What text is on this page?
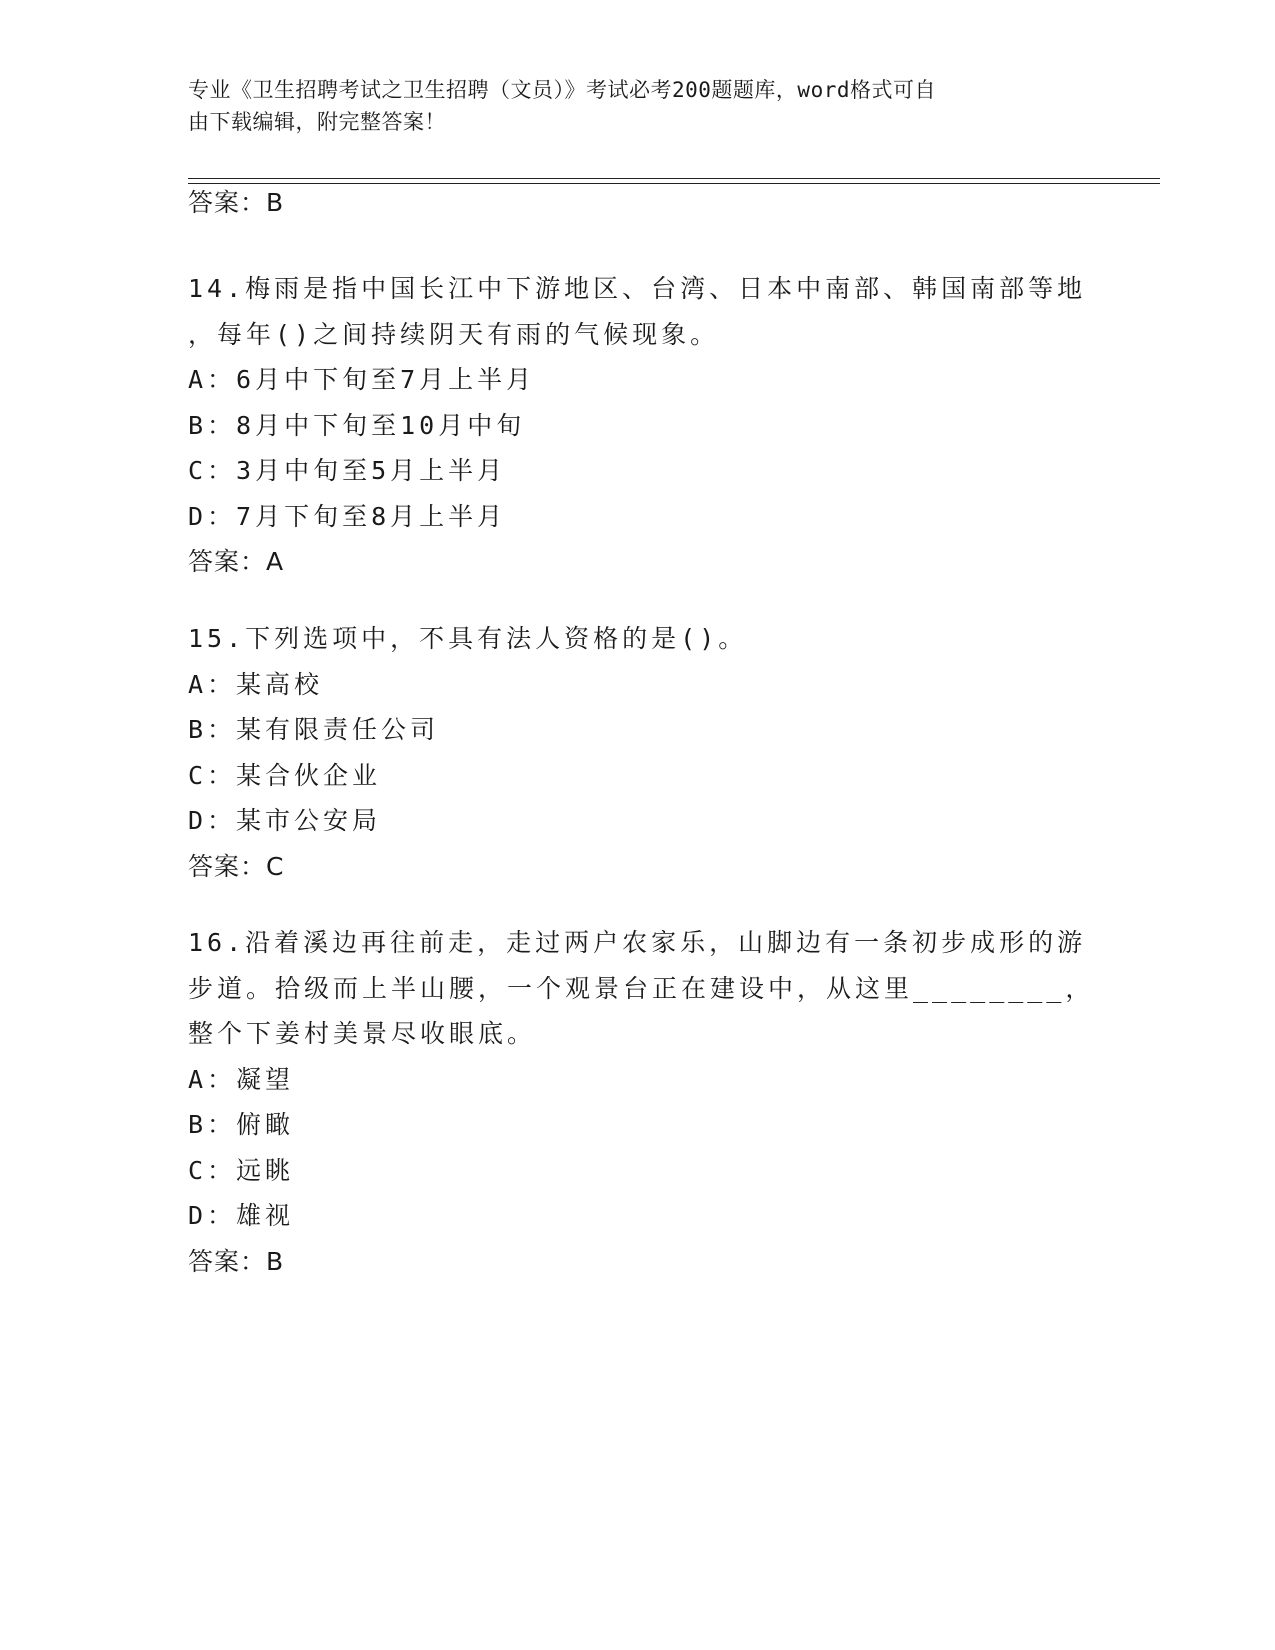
专业《卫生招聘考试之卫生招聘（文员）》考试必考200题题库，word格式可自
由下载编辑，附完整答案！
答案：B
14.梅雨是指中国长江中下游地区、台湾、日本中南部、韩国南部等地
，每年()之间持续阴天有雨的气候现象。
A：6月中下旬至7月上半月
B：8月中下旬至10月中旬
C：3月中旬至5月上半月
D：7月下旬至8月上半月
答案：A
15.下列选项中，不具有法人资格的是()。
A：某高校
B：某有限责任公司
C：某合伙企业
D：某市公安局
答案：C
16.沿着溪边再往前走，走过两户农家乐，山脚边有一条初步成形的游
步道。拾级而上半山腰，一个观景台正在建设中，从这里________，
整个下姜村美景尽收眼底。
A：凝望
B：俯瞰
C：远眺
D：雄视
答案：B
